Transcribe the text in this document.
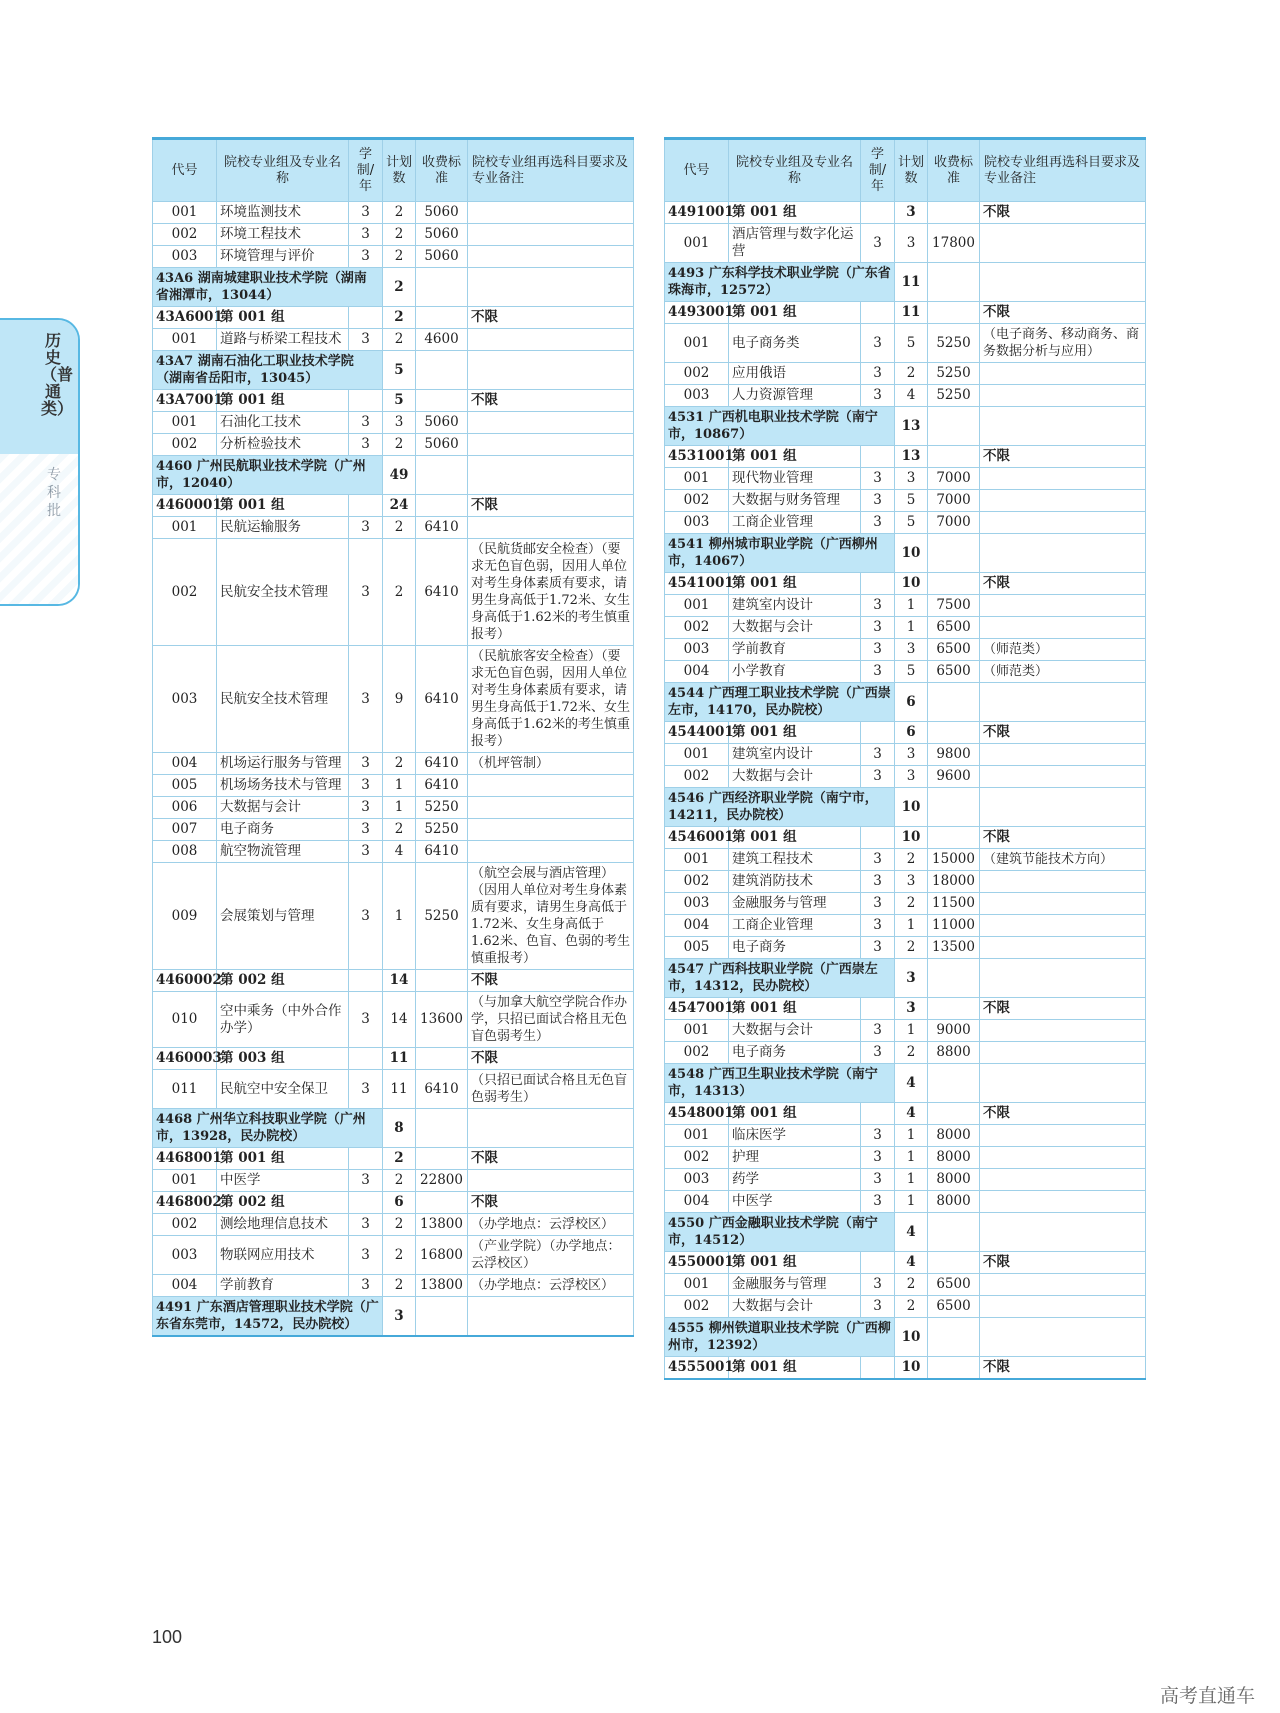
历史（普通类）
专科批
代号	院校专业组及专业名称	学制/年	计划数	收费标准	院校专业组再选科目要求及专业备注
001	环境监测技术	3	2	5060	
002	环境工程技术	3	2	5060	
003	环境管理与评价	3	2	5060	
43A6 湖南城建职业技术学院（湖南省湘潭市，13044）			2		
43A6001	第 001 组		2		不限
001	道路与桥梁工程技术	3	2	4600	
43A7 湖南石油化工职业技术学院（湖南省岳阳市，13045）			5		
43A7001	第 001 组		5		不限
001	石油化工技术	3	3	5060	
002	分析检验技术	3	2	5060	
4460 广州民航职业技术学院（广州市，12040）			49		
4460001	第 001 组		24		不限
001	民航运输服务	3	2	6410	
002	民航安全技术管理	3	2	6410	（民航货邮安全检查）（要求无色盲色弱，因用人单位对考生身体素质有要求，请男生身高低于1.72米、女生身高低于1.62米的考生慎重报考）
003	民航安全技术管理	3	9	6410	（民航旅客安全检查）（要求无色盲色弱，因用人单位对考生身体素质有要求，请男生身高低于1.72米、女生身高低于1.62米的考生慎重报考）
004	机场运行服务与管理	3	2	6410	（机坪管制）
005	机场场务技术与管理	3	1	6410	
006	大数据与会计	3	1	5250	
007	电子商务	3	2	5250	
008	航空物流管理	3	4	6410	
009	会展策划与管理	3	1	5250	（航空会展与酒店管理）（因用人单位对考生身体素质有要求，请男生身高低于1.72米、女生身高低于1.62米、色盲、色弱的考生慎重报考）
4460002	第 002 组		14		不限
010	空中乘务（中外合作办学）	3	14	13600	（与加拿大航空学院合作办学，只招已面试合格且无色盲色弱考生）
4460003	第 003 组		11		不限
011	民航空中安全保卫	3	11	6410	（只招已面试合格且无色盲色弱考生）
4468 广州华立科技职业学院（广州市，13928，民办院校）			8		
4468001	第 001 组		2		不限
001	中医学	3	2	22800	
4468002	第 002 组		6		不限
002	测绘地理信息技术	3	2	13800	（办学地点：云浮校区）
003	物联网应用技术	3	2	16800	（产业学院）（办学地点：云浮校区）
004	学前教育	3	2	13800	（办学地点：云浮校区）
4491 广东酒店管理职业技术学院（广东省东莞市，14572，民办院校）			3		
代号	院校专业组及专业名称	学制/年	计划数	收费标准	院校专业组再选科目要求及专业备注
4491001	第 001 组		3		不限
001	酒店管理与数字化运营	3	3	17800	
4493 广东科学技术职业学院（广东省珠海市，12572）			11		
4493001	第 001 组		11		不限
001	电子商务类	3	5	5250	（电子商务、移动商务、商务数据分析与应用）
002	应用俄语	3	2	5250	
003	人力资源管理	3	4	5250	
4531 广西机电职业技术学院（南宁市，10867）			13		
4531001	第 001 组		13		不限
001	现代物业管理	3	3	7000	
002	大数据与财务管理	3	5	7000	
003	工商企业管理	3	5	7000	
4541 柳州城市职业学院（广西柳州市，14067）			10		
4541001	第 001 组		10		不限
001	建筑室内设计	3	1	7500	
002	大数据与会计	3	1	6500	
003	学前教育	3	3	6500	（师范类）
004	小学教育	3	5	6500	（师范类）
4544 广西理工职业技术学院（广西崇左市，14170，民办院校）			6		
4544001	第 001 组		6		不限
001	建筑室内设计	3	3	9800	
002	大数据与会计	3	3	9600	
4546 广西经济职业学院（南宁市，14211，民办院校）			10		
4546001	第 001 组		10		不限
001	建筑工程技术	3	2	15000	（建筑节能技术方向）
002	建筑消防技术	3	3	18000	
003	金融服务与管理	3	2	11500	
004	工商企业管理	3	1	11000	
005	电子商务	3	2	13500	
4547 广西科技职业学院（广西崇左市，14312，民办院校）			3		
4547001	第 001 组		3		不限
001	大数据与会计	3	1	9000	
002	电子商务	3	2	8800	
4548 广西卫生职业技术学院（南宁市，14313）			4		
4548001	第 001 组		4		不限
001	临床医学	3	1	8000	
002	护理	3	1	8000	
003	药学	3	1	8000	
004	中医学	3	1	8000	
4550 广西金融职业技术学院（南宁市，14512）			4		
4550001	第 001 组		4		不限
001	金融服务与管理	3	2	6500	
002	大数据与会计	3	2	6500	
4555 柳州铁道职业技术学院（广西柳州市，12392）			10		
4555001	第 001 组		10		不限
100
高考直通车
